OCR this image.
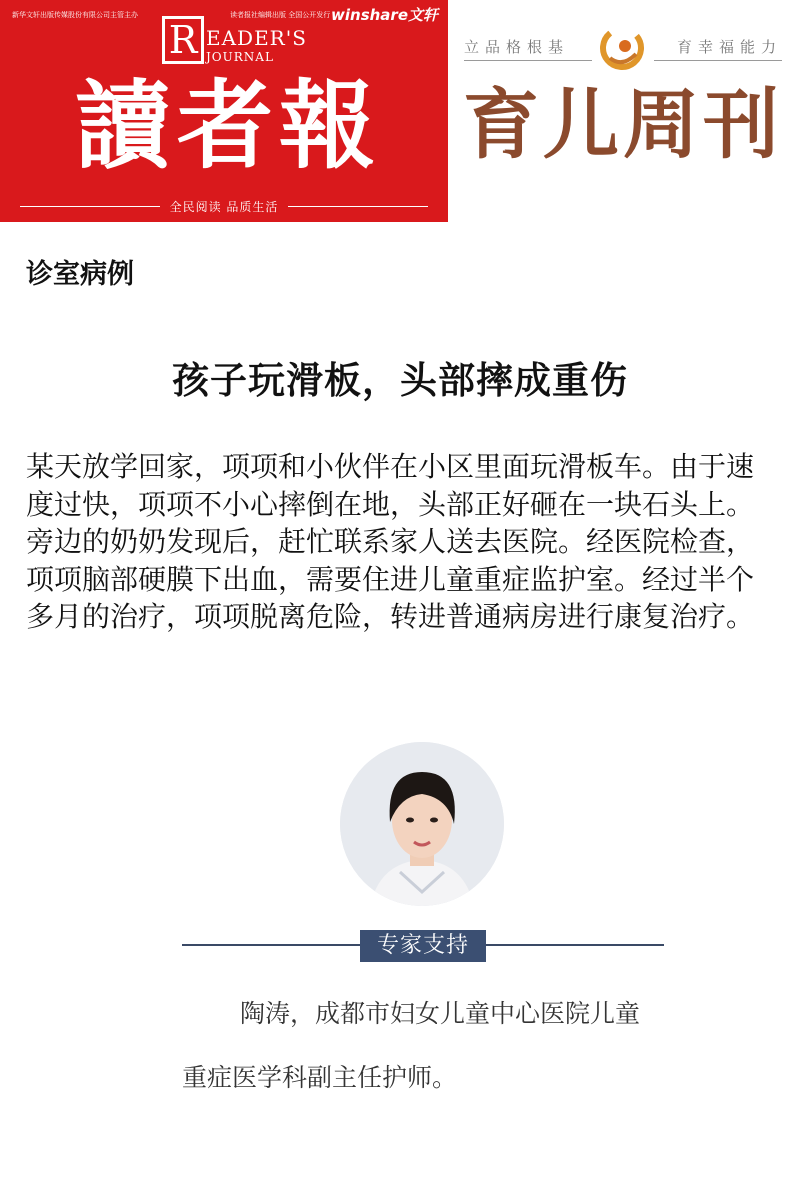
新华文轩出版传媒股份有限公司主管主办	读者报社编辑出版 全国公开发行 winshare文轩
R EADER'S
JOURNAL
讀者報
全民阅读 品质生活
立品格根基	育幸福能力
育儿周刊
诊室病例
孩子玩滑板，头部摔成重伤
某天放学回家，项项和小伙伴在小区里面玩滑板车。由于速度过快，项项不小心摔倒在地，头部正好砸在一块石头上。旁边的奶奶发现后，赶忙联系家人送去医院。经医院检查，项项脑部硬膜下出血，需要住进儿童重症监护室。经过半个多月的治疗，项项脱离危险，转进普通病房进行康复治疗。
专家支持
陶涛，成都市妇女儿童中心医院儿童
重症医学科副主任护师。
